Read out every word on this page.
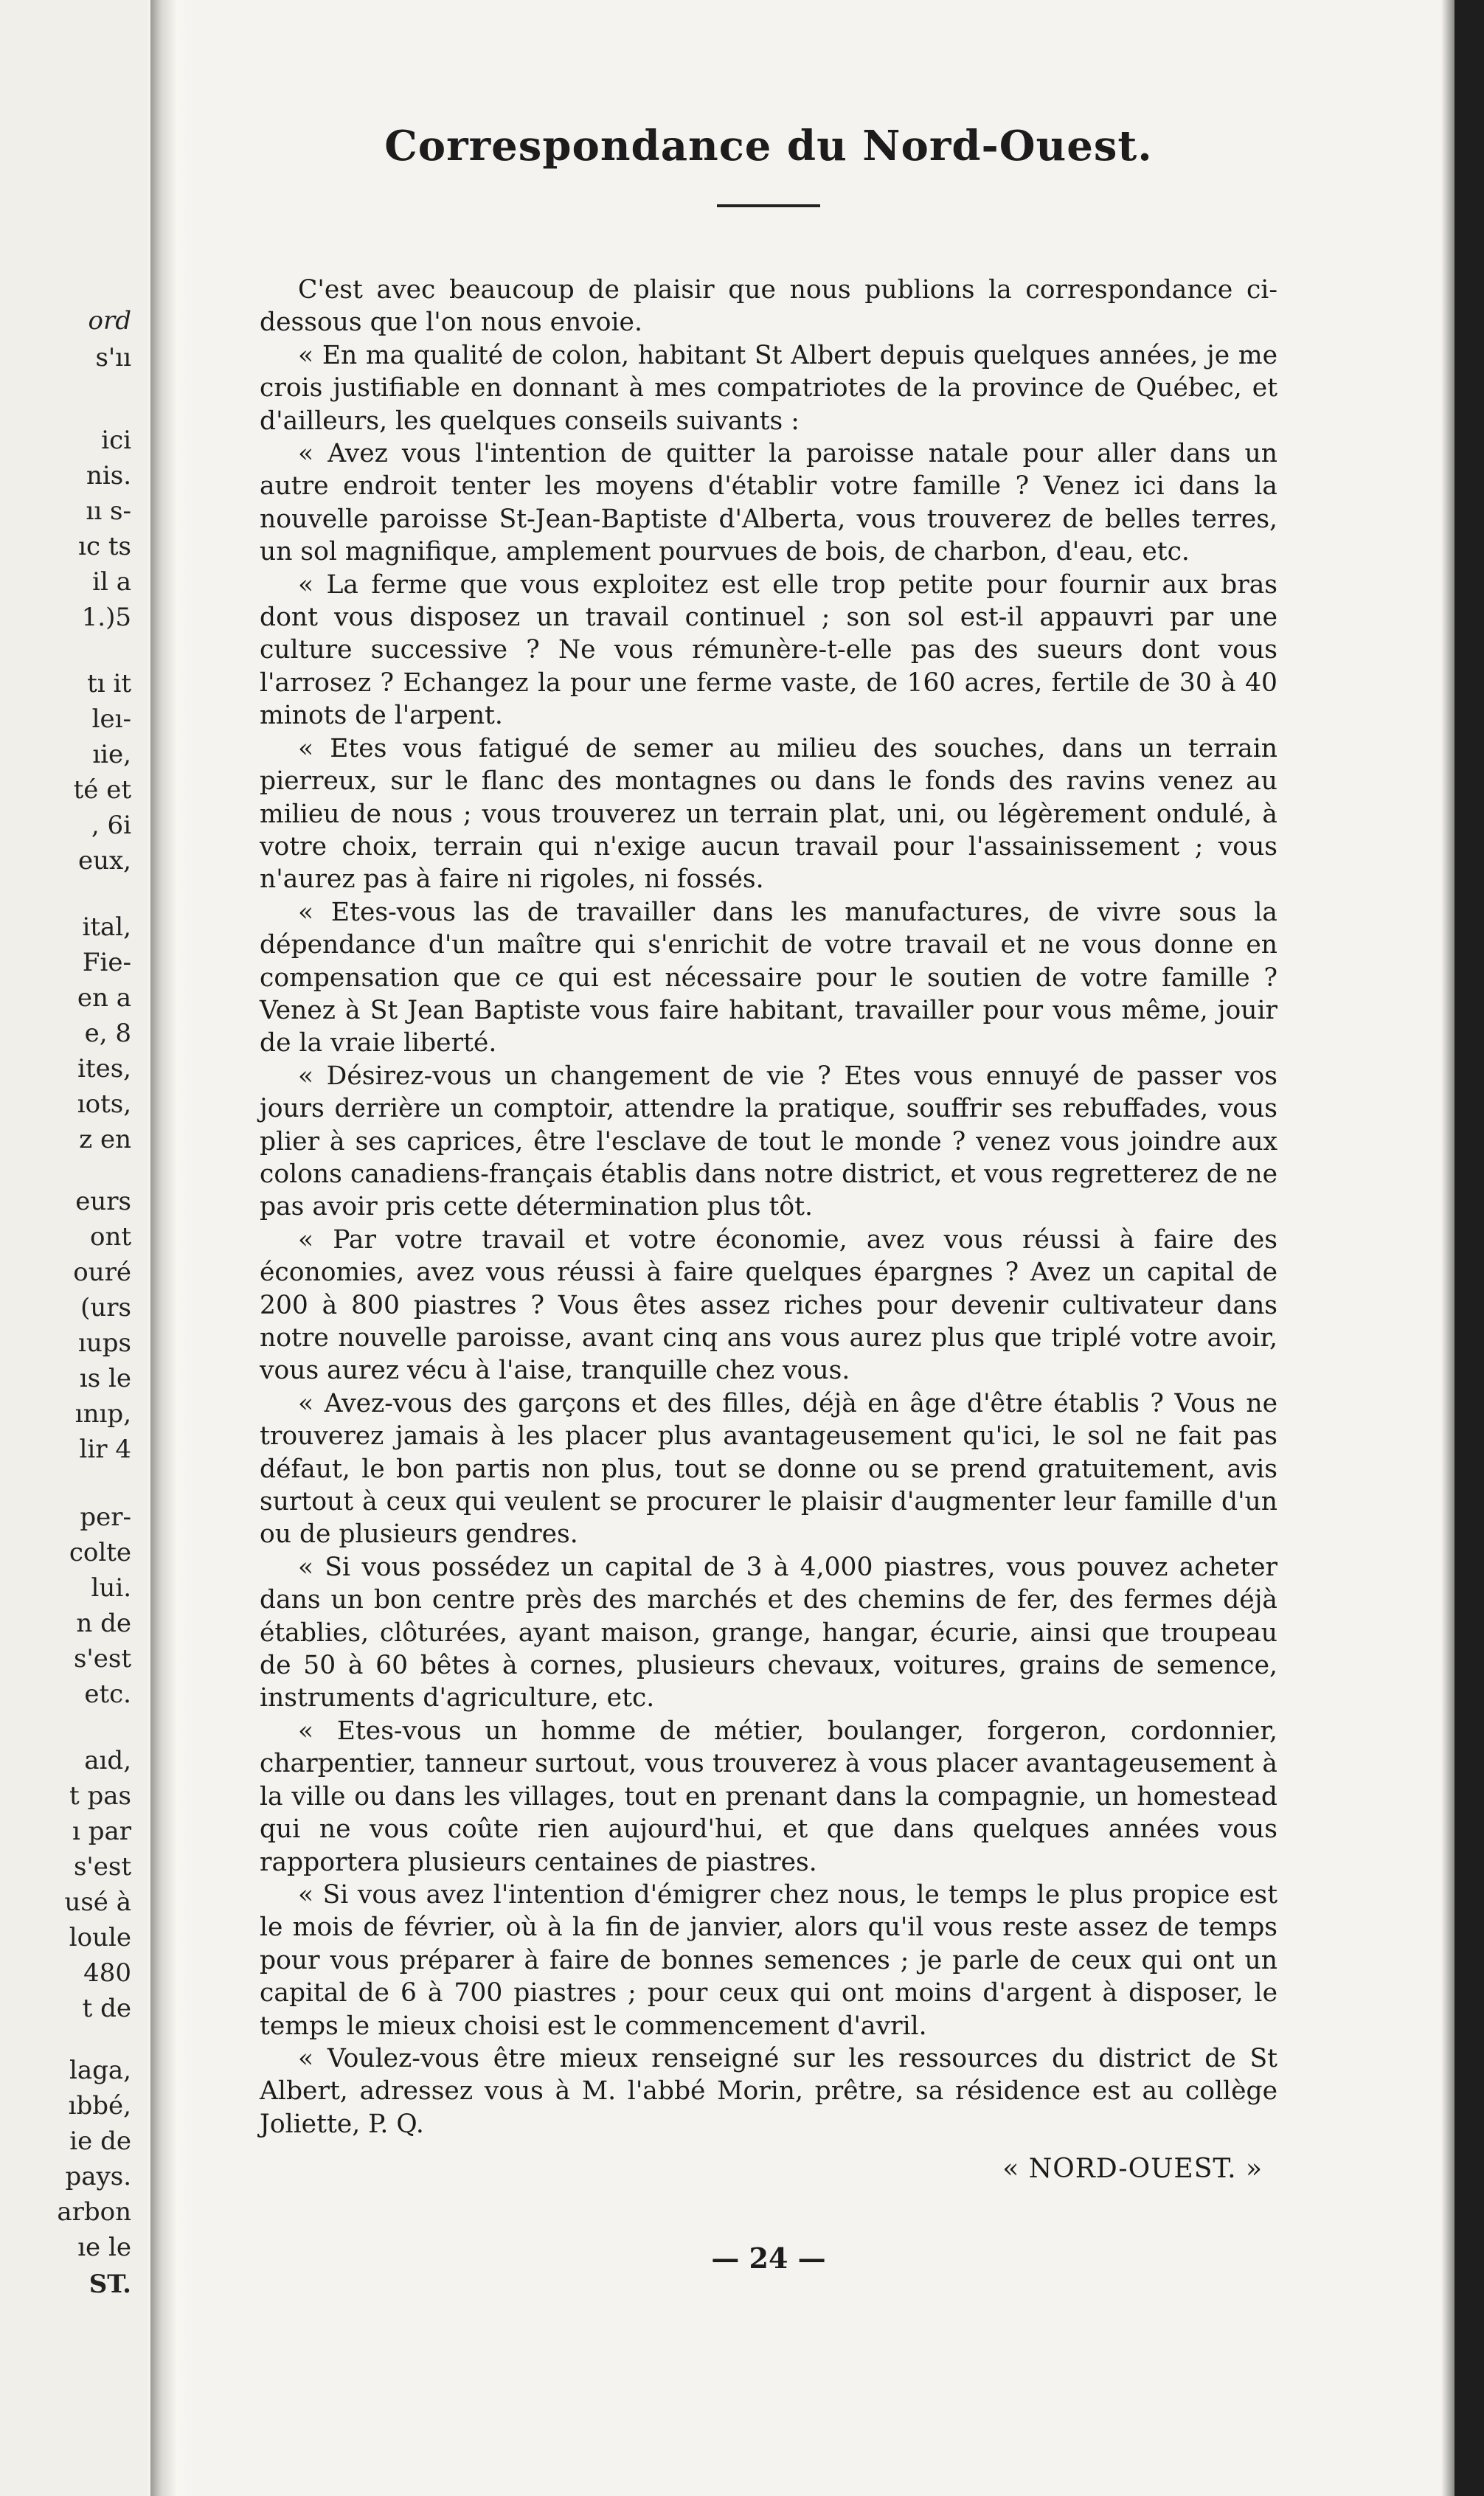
ord
s'ıı
ici
nis.
ıı s-
ıc ts
il a
1.)5
tı it
leı-
ıie,
té et
, 6i
eux,
ital,
Fie-
en a
e, 8
ites,
ıots,
z en
eurs
ont
ouré
(urs
ıups
ıs le
ınıp,
lir 4
per-
colte
lui.
n de
s'est
etc.
aıd,
t pas
ı par
s'est
usé à
loule
480
t de
laga,
ıbbé,
ie de
pays.
arbon
ıe le
ST.
Correspondance du Nord-Ouest.

C'est avec beaucoup de plaisir que nous publions la correspondance ci-dessous que l'on nous envoie.

« En ma qualité de colon, habitant St Albert depuis quelques années, je me crois justifiable en donnant à mes compatriotes de la province de Québec, et d'ailleurs, les quelques conseils suivants :

« Avez vous l'intention de quitter la paroisse natale pour aller dans un autre endroit tenter les moyens d'établir votre famille ? Venez ici dans la nouvelle paroisse St-Jean-Baptiste d'Alberta, vous trouverez de belles terres, un sol magnifique, amplement pourvues de bois, de charbon, d'eau, etc.

« La ferme que vous exploitez est elle trop petite pour fournir aux bras dont vous disposez un travail continuel ; son sol est-il appauvri par une culture successive ? Ne vous rémunère-t-elle pas des sueurs dont vous l'arrosez ? Echangez la pour une ferme vaste, de 160 acres, fertile de 30 à 40 minots de l'arpent.

« Etes vous fatigué de semer au milieu des souches, dans un terrain pierreux, sur le flanc des montagnes ou dans le fonds des ravins venez au milieu de nous ; vous trouverez un terrain plat, uni, ou légèrement ondulé, à votre choix, terrain qui n'exige aucun travail pour l'assainissement ; vous n'aurez pas à faire ni rigoles, ni fossés.

« Etes-vous las de travailler dans les manufactures, de vivre sous la dépendance d'un maître qui s'enrichit de votre travail et ne vous donne en compensation que ce qui est nécessaire pour le soutien de votre famille ? Venez à St Jean Baptiste vous faire habitant, travailler pour vous même, jouir de la vraie liberté.

« Désirez-vous un changement de vie ? Etes vous ennuyé de passer vos jours derrière un comptoir, attendre la pratique, souffrir ses rebuffades, vous plier à ses caprices, être l'esclave de tout le monde ? venez vous joindre aux colons canadiens-français établis dans notre district, et vous regretterez de ne pas avoir pris cette détermination plus tôt.

« Par votre travail et votre économie, avez vous réussi à faire des économies, avez vous réussi à faire quelques épargnes ? Avez un capital de 200 à 800 piastres ? Vous êtes assez riches pour devenir cultivateur dans notre nouvelle paroisse, avant cinq ans vous aurez plus que triplé votre avoir, vous aurez vécu à l'aise, tranquille chez vous.

« Avez-vous des garçons et des filles, déjà en âge d'être établis ? Vous ne trouverez jamais à les placer plus avantageusement qu'ici, le sol ne fait pas défaut, le bon partis non plus, tout se donne ou se prend gratuitement, avis surtout à ceux qui veulent se procurer le plaisir d'augmenter leur famille d'un ou de plusieurs gendres.

« Si vous possédez un capital de 3 à 4,000 piastres, vous pouvez acheter dans un bon centre près des marchés et des chemins de fer, des fermes déjà établies, clôturées, ayant maison, grange, hangar, écurie, ainsi que troupeau de 50 à 60 bêtes à cornes, plusieurs chevaux, voitures, grains de semence, instruments d'agriculture, etc.

« Etes-vous un homme de métier, boulanger, forgeron, cordonnier, charpentier, tanneur surtout, vous trouverez à vous placer avantageusement à la ville ou dans les villages, tout en prenant dans la compagnie, un homestead qui ne vous coûte rien aujourd'hui, et que dans quelques années vous rapportera plusieurs centaines de piastres.

« Si vous avez l'intention d'émigrer chez nous, le temps le plus propice est le mois de février, où à la fin de janvier, alors qu'il vous reste assez de temps pour vous préparer à faire de bonnes semences ; je parle de ceux qui ont un capital de 6 à 700 piastres ; pour ceux qui ont moins d'argent à disposer, le temps le mieux choisi est le commencement d'avril.

« Voulez-vous être mieux renseigné sur les ressources du district de St Albert, adressez vous à M. l'abbé Morin, prêtre, sa résidence est au collège Joliette, P. Q.

« NORD-OUEST. »
— 24 —
